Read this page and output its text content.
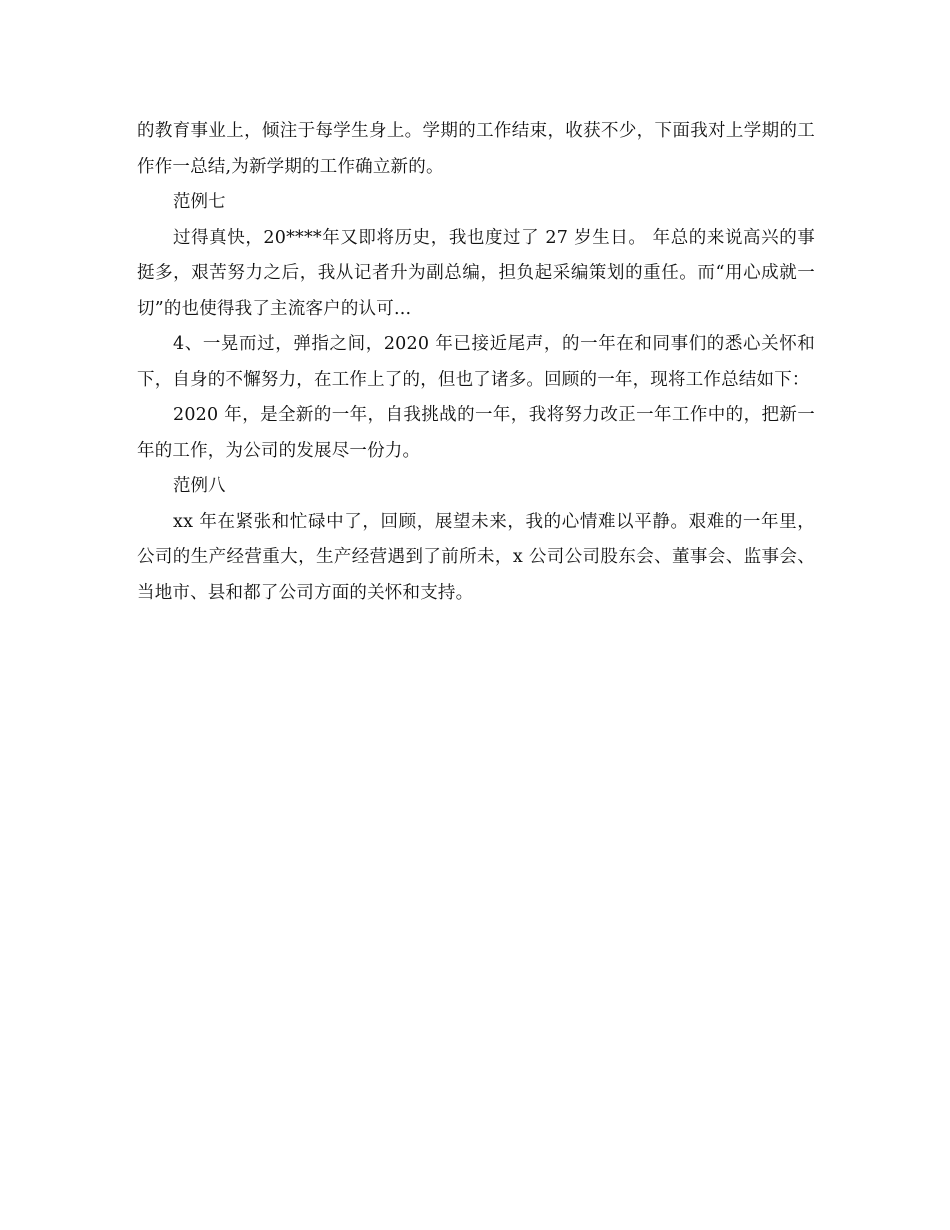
的教育事业上，倾注于每学生身上。学期的工作结束，收获不少，下面我对上学期的工作作一总结,为新学期的工作确立新的。

范例七

过得真快，20****年又即将历史，我也度过了 27 岁生日。 年总的来说高兴的事挺多，艰苦努力之后，我从记者升为副总编，担负起采编策划的重任。而“用心成就一切”的也使得我了主流客户的认可...

4、一晃而过，弹指之间，2020 年已接近尾声，的一年在和同事们的悉心关怀和下，自身的不懈努力，在工作上了的，但也了诸多。回顾的一年，现将工作总结如下：

2020 年，是全新的一年，自我挑战的一年，我将努力改正一年工作中的，把新一年的工作，为公司的发展尽一份力。

范例八

xx 年在紧张和忙碌中了，回顾，展望未来，我的心情难以平静。艰难的一年里，公司的生产经营重大，生产经营遇到了前所未，x 公司公司股东会、董事会、监事会、当地市、县和都了公司方面的关怀和支持。
